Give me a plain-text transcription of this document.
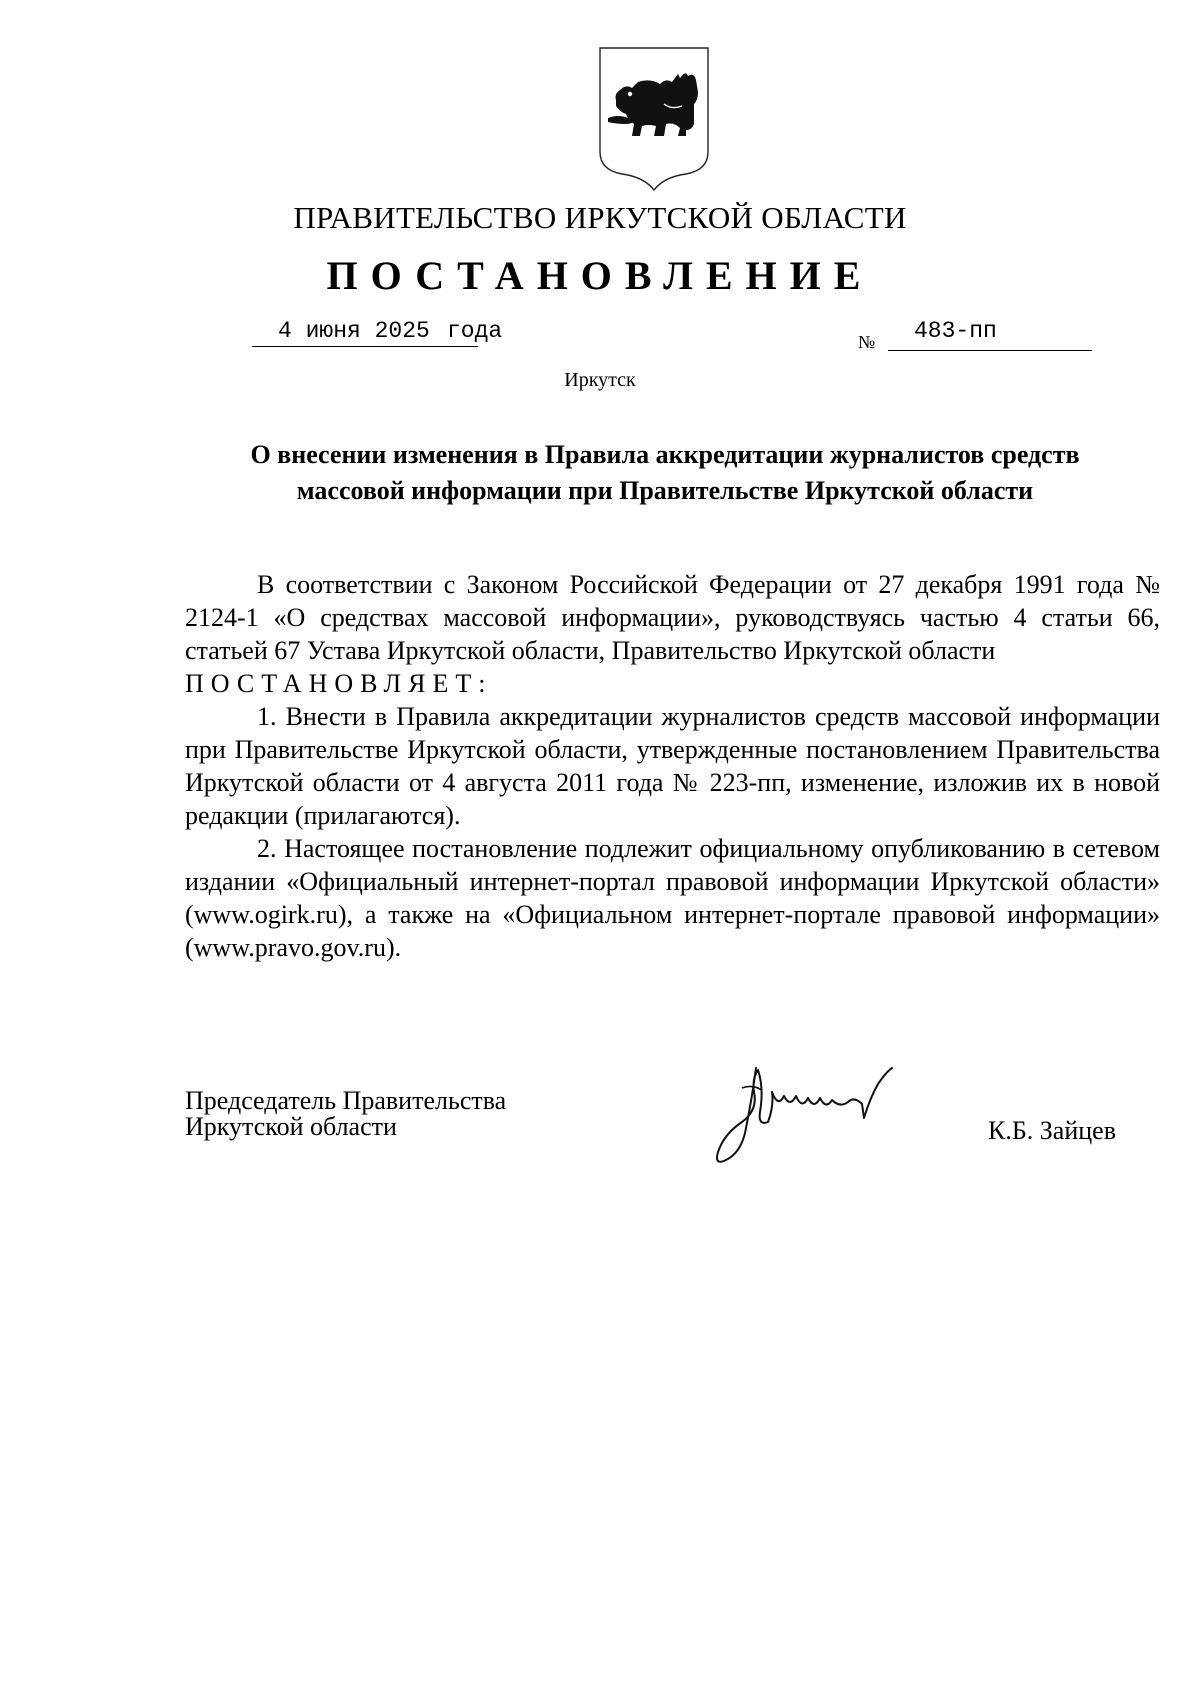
ПРАВИТЕЛЬСТВО ИРКУТСКОЙ ОБЛАСТИ
ПОСТАНОВЛЕНИЕ
4 июня 2025 года	№	483-пп
Иркутск
О внесении изменения в Правила аккредитации журналистов средств
массовой информации при Правительстве Иркутской области

В соответствии с Законом Российской Федерации от 27 декабря 1991 года № 2124-1 «О средствах массовой информации», руководствуясь частью 4 статьи 66, статьей 67 Устава Иркутской области, Правительство Иркутской области

ПОСТАНОВЛЯЕТ:

1. Внести в Правила аккредитации журналистов средств массовой информации при Правительстве Иркутской области, утвержденные постановлением Правительства Иркутской области от 4 августа 2011 года № 223-пп, изменение, изложив их в новой редакции (прилагаются).

2. Настоящее постановление подлежит официальному опубликованию в сетевом издании «Официальный интернет-портал правовой информации Иркутской области» (www.ogirk.ru), а также на «Официальном интернет-портале правовой информации» (www.pravo.gov.ru).

Председатель Правительства
Иркутской области	К.Б. Зайцев
